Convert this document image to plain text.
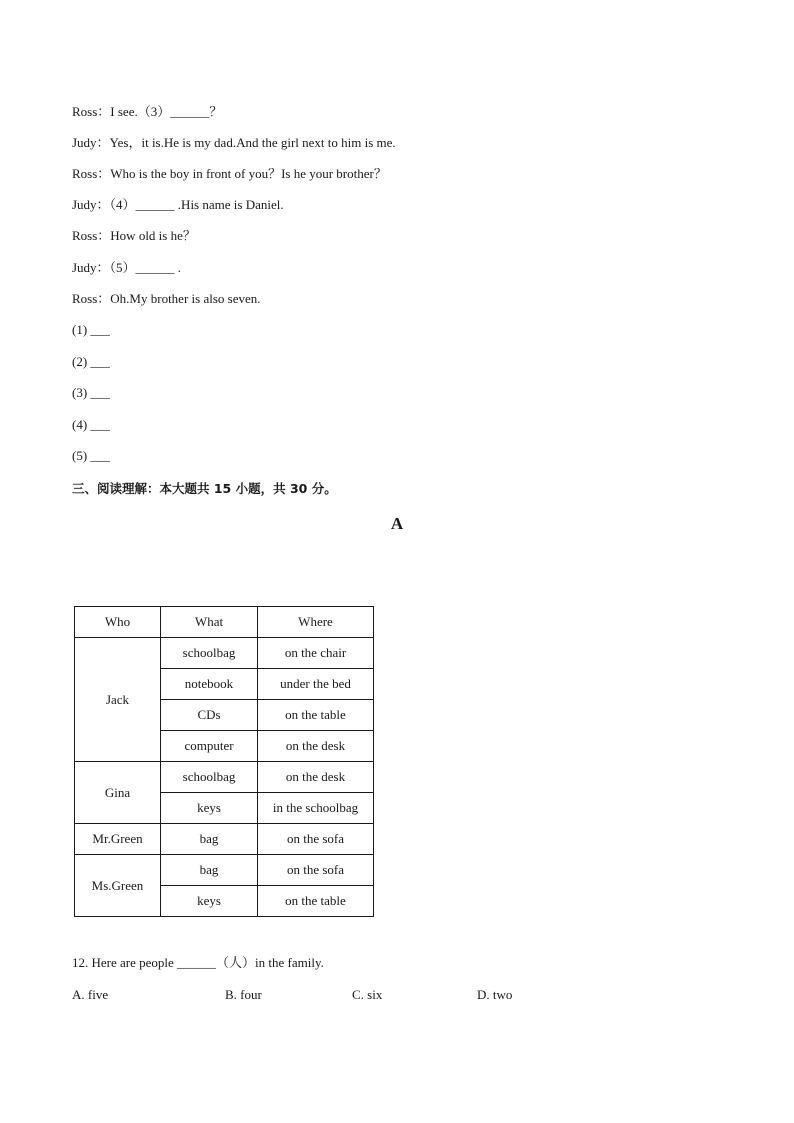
Ross：I see.（3）______？
Judy：Yes，it is.He is my dad.And the girl next to him is me.
Ross：Who is the boy in front of you？Is he your brother？
Judy：（4）______ .His name is Daniel.
Ross：How old is he？
Judy：（5）______ .
Ross：Oh.My brother is also seven.
(1) ___
(2) ___
(3) ___
(4) ___
(5) ___
三、阅读理解：本大题共 15 小题，共 30 分。
A
Who	What	Where
Jack	schoolbag	on the chair
	notebook	under the bed
	CDs	on the table
	computer	on the desk
Gina	schoolbag	on the desk
	keys	in the schoolbag
Mr.Green	bag	on the sofa
Ms.Green	bag	on the sofa
	keys	on the table
12. Here are people ______（人）in the family.
A. five	B. four	C. six	D. two
